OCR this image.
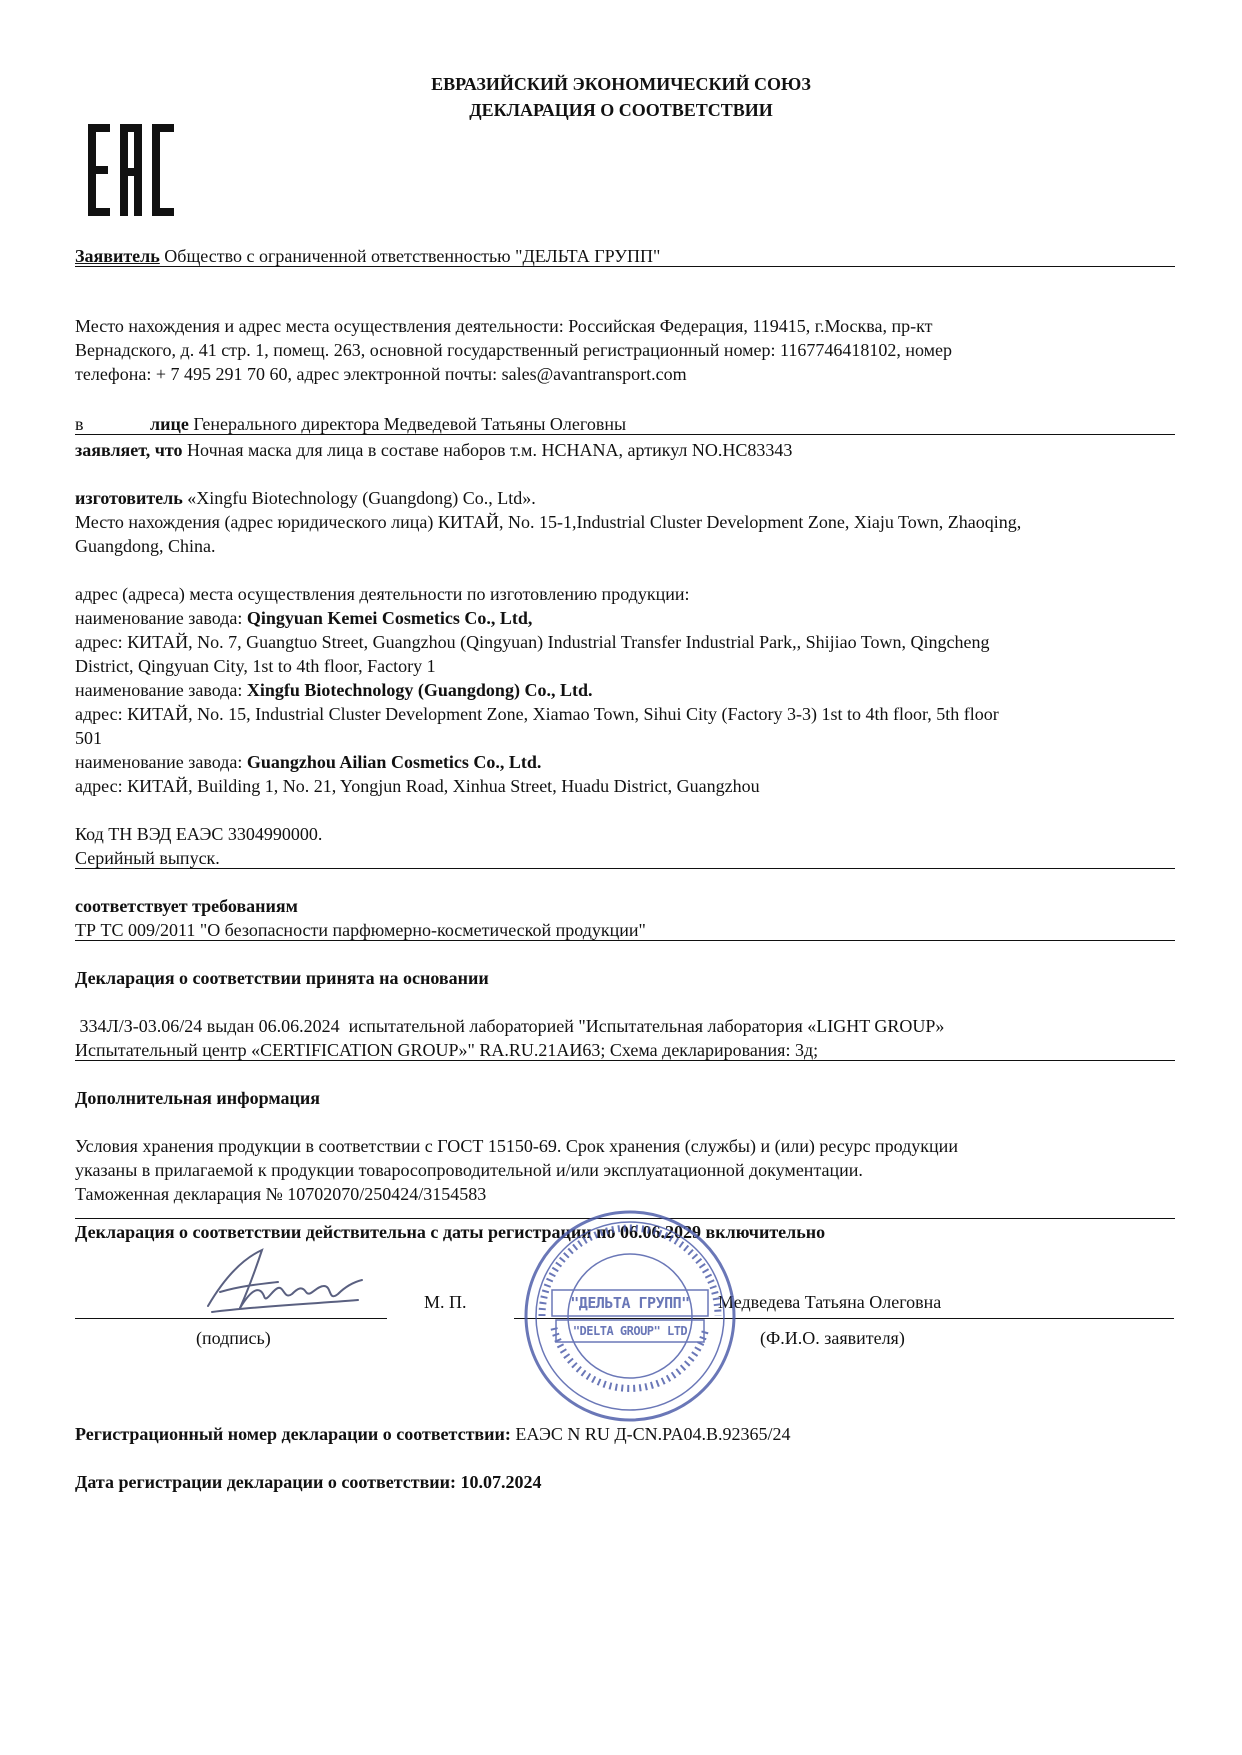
ЕВРАЗИЙСКИЙ ЭКОНОМИЧЕСКИЙ СОЮЗ
ДЕКЛАРАЦИЯ О СООТВЕТСТВИИ
Заявитель Общество с ограниченной ответственностью "ДЕЛЬТА ГРУПП"
Место нахождения и адрес места осуществления деятельности: Российская Федерация, 119415, г.Москва, пр-кт
Вернадского, д. 41 стр. 1, помещ. 263, основной государственный регистрационный номер: 1167746418102, номер
телефона: + 7 495 291 70 60, адрес электронной почты: sales@avantransport.com
в	лице Генерального директора Медведевой Татьяны Олеговны
заявляет, что Ночная маска для лица в составе наборов т.м. HCHANA, артикул NO.HC83343
изготовитель «Xingfu Biotechnology (Guangdong) Co., Ltd».
Место нахождения (адрес юридического лица) КИТАЙ, No. 15-1,Industrial Cluster Development Zone, Xiaju Town, Zhaoqing,
Guangdong, China.
адрес (адреса) места осуществления деятельности по изготовлению продукции:
наименование завода: Qingyuan Kemei Cosmetics Co., Ltd,
адрес: КИТАЙ, No. 7, Guangtuo Street, Guangzhou (Qingyuan) Industrial Transfer Industrial Park,, Shijiao Town, Qingcheng
District, Qingyuan City, 1st to 4th floor, Factory 1
наименование завода: Xingfu Biotechnology (Guangdong) Co., Ltd.
адрес: КИТАЙ, No. 15, Industrial Cluster Development Zone, Xiamao Town, Sihui City (Factory 3-3) 1st to 4th floor, 5th floor
501
наименование завода: Guangzhou Ailian Cosmetics Co., Ltd.
адрес: КИТАЙ, Building 1, No. 21, Yongjun Road, Xinhua Street, Huadu District, Guangzhou
Код ТН ВЭД ЕАЭС 3304990000.
Серийный выпуск.
соответствует требованиям
ТР ТС 009/2011 "О безопасности парфюмерно-косметической продукции"
Декларация о соответствии принята на основании
334Л/З-03.06/24 выдан 06.06.2024  испытательной лабораторией "Испытательная лаборатория «LIGHT GROUP»
Испытательный центр «CERTIFICATION GROUP»" RA.RU.21АИ63; Схема декларирования: 3д;
Дополнительная информация
Условия хранения продукции в соответствии с ГОСТ 15150-69. Срок хранения (службы) и (или) ресурс продукции
указаны в прилагаемой к продукции товаросопроводительной и/или эксплуатационной документации.
Таможенная декларация № 10702070/250424/3154583
Декларация о соответствии действительна с даты регистрации по 06.06.2029 включительно
М. П.	Медведева Татьяна Олеговна
(подпись)	(Ф.И.О. заявителя)
"ДЕЛЬТА ГРУПП"
"DELTA GROUP" LTD
Регистрационный номер декларации о соответствии: ЕАЭС N RU Д-CN.PA04.B.92365/24
Дата регистрации декларации о соответствии: 10.07.2024
